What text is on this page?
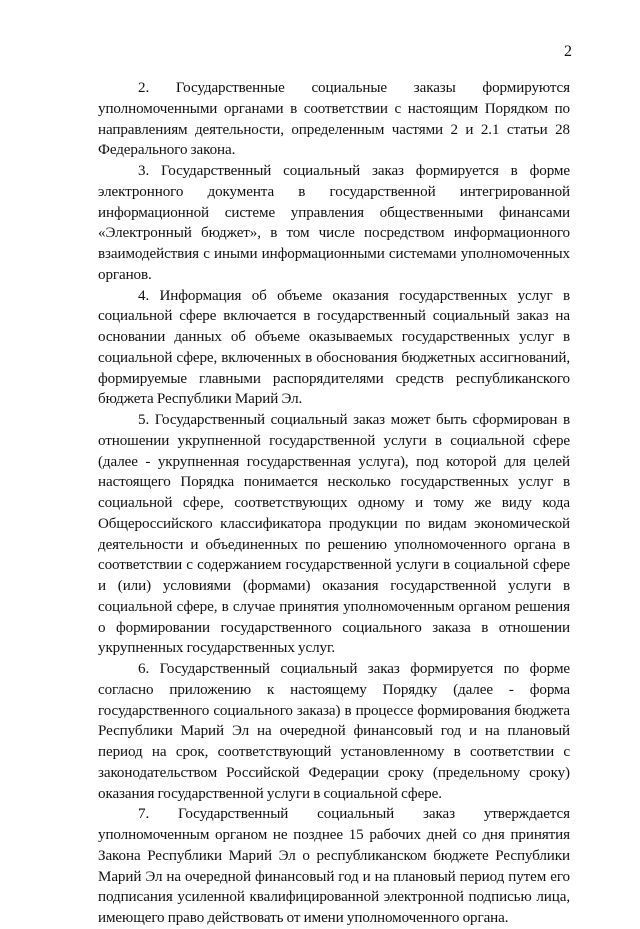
2

2. Государственные социальные заказы формируются уполномоченными органами в соответствии с настоящим Порядком по направлениям деятельности, определенным частями 2 и 2.1 статьи 28 Федерального закона.

3. Государственный социальный заказ формируется в форме электронного документа в государственной интегрированной информационной системе управления общественными финансами «Электронный бюджет», в том числе посредством информационного взаимодействия с иными информационными системами уполномоченных органов.

4. Информация об объеме оказания государственных услуг в социальной сфере включается в государственный социальный заказ на основании данных об объеме оказываемых государственных услуг в социальной сфере, включенных в обоснования бюджетных ассигнований, формируемые главными распорядителями средств республиканского бюджета Республики Марий Эл.

5. Государственный социальный заказ может быть сформирован в отношении укрупненной государственной услуги в социальной сфере (далее - укрупненная государственная услуга), под которой для целей настоящего Порядка понимается несколько государственных услуг в социальной сфере, соответствующих одному и тому же виду кода Общероссийского классификатора продукции по видам экономической деятельности и объединенных по решению уполномоченного органа в соответствии с содержанием государственной услуги в социальной сфере и (или) условиями (формами) оказания государственной услуги в социальной сфере, в случае принятия уполномоченным органом решения о формировании государственного социального заказа в отношении укрупненных государственных услуг.

6. Государственный социальный заказ формируется по форме согласно приложению к настоящему Порядку (далее - форма государственного социального заказа) в процессе формирования бюджета Республики Марий Эл на очередной финансовый год и на плановый период на срок, соответствующий установленному в соответствии с законодательством Российской Федерации сроку (предельному сроку) оказания государственной услуги в социальной сфере.

7. Государственный социальный заказ утверждается уполномоченным органом не позднее 15 рабочих дней со дня принятия Закона Республики Марий Эл о республиканском бюджете Республики Марий Эл на очередной финансовый год и на плановый период путем его подписания усиленной квалифицированной электронной подписью лица, имеющего право действовать от имени уполномоченного органа.
